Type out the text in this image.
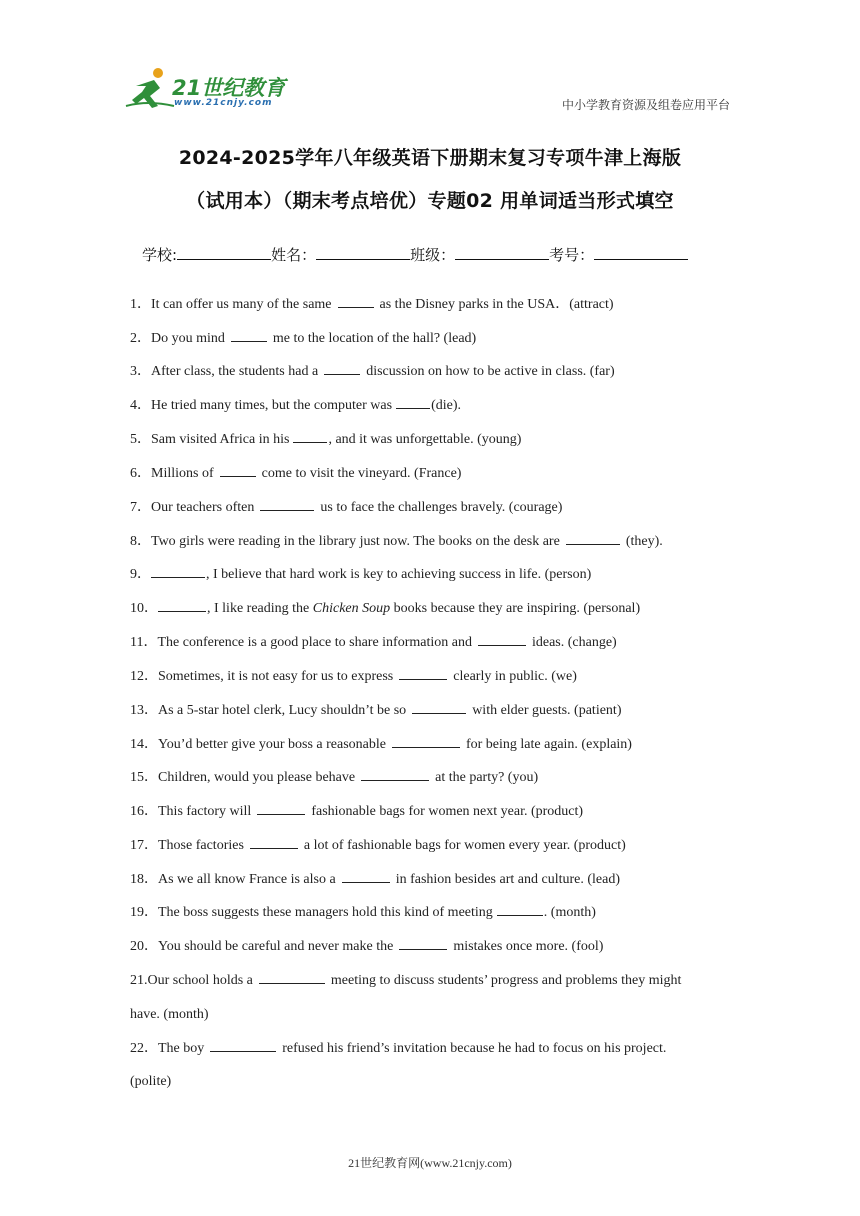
21世纪教育
www.21cnjy.com	中小学教育资源及组卷应用平台
2024-2025学年八年级英语下册期末复习专项牛津上海版
（试用本）（期末考点培优）专题02 用单词适当形式填空
学校:	姓名：	班级：	考号：
1．It can offer us many of the same	as the Disney parks in the USA．(attract)
2．Do you mind	me to the location of the hall? (lead)
3．After class, the students had a	discussion on how to be active in class. (far)
4．He tried many times, but the computer was	(die).
5．Sam visited Africa in his	, and it was unforgettable. (young)
6．Millions of	come to visit the vineyard. (France)
7．Our teachers often	us to face the challenges bravely. (courage)
8．Two girls were reading in the library just now. The books on the desk are	(they).
9．	, I believe that hard work is key to achieving success in life. (person)
10．	, I like reading the Chicken Soup books because they are inspiring. (personal)
11．The conference is a good place to share information and	ideas. (change)
12．Sometimes, it is not easy for us to express	clearly in public. (we)
13．As a 5-star hotel clerk, Lucy shouldn’t be so	with elder guests. (patient)
14．You’d better give your boss a reasonable	for being late again. (explain)
15．Children, would you please behave	at the party? (you)
16．This factory will	fashionable bags for women next year. (product)
17．Those factories	a lot of fashionable bags for women every year. (product)
18．As we all know France is also a	in fashion besides art and culture. (lead)
19．The boss suggests these managers hold this kind of meeting	. (month)
20．You should be careful and never make the	mistakes once more. (fool)
21.Our school holds a	meeting to discuss students’ progress and problems they might
have. (month)
22．The boy	refused his friend’s invitation because he had to focus on his project.
(polite)
21世纪教育网(www.21cnjy.com)
